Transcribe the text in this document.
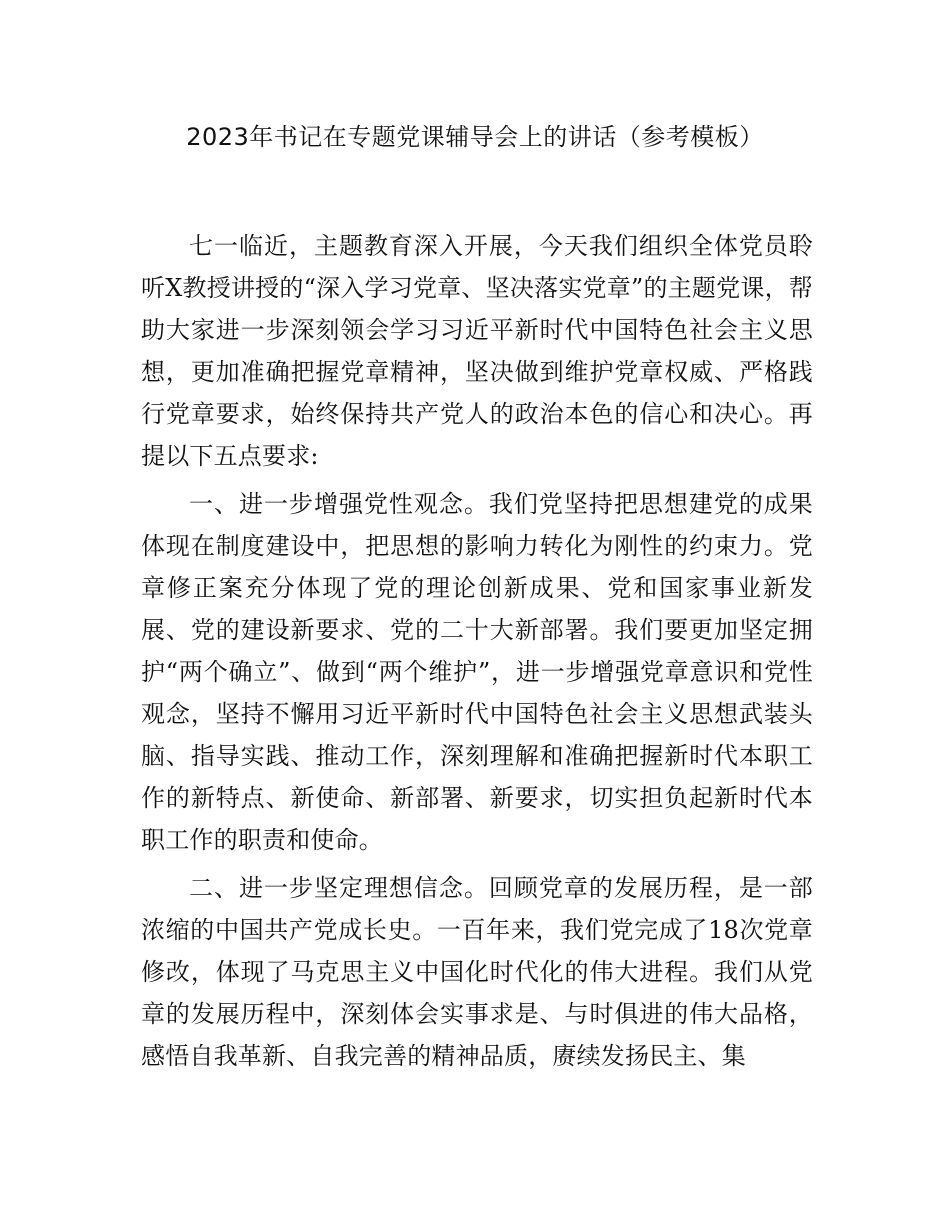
2023年书记在专题党课辅导会上的讲话（参考模板）

七一临近，主题教育深入开展，今天我们组织全体党员聆听X教授讲授的“深入学习党章、坚决落实党章”的主题党课，帮助大家进一步深刻领会学习习近平新时代中国特色社会主义思想，更加准确把握党章精神，坚决做到维护党章权威、严格践行党章要求，始终保持共产党人的政治本色的信心和决心。再提以下五点要求:

一、进一步增强党性观念。我们党坚持把思想建党的成果体现在制度建设中，把思想的影响力转化为刚性的约束力。党章修正案充分体现了党的理论创新成果、党和国家事业新发展、党的建设新要求、党的二十大新部署。我们要更加坚定拥护“两个确立”、做到“两个维护”，进一步增强党章意识和党性观念，坚持不懈用习近平新时代中国特色社会主义思想武装头脑、指导实践、推动工作，深刻理解和准确把握新时代本职工作的新特点、新使命、新部署、新要求，切实担负起新时代本职工作的职责和使命。

二、进一步坚定理想信念。回顾党章的发展历程，是一部浓缩的中国共产党成长史。一百年来，我们党完成了18次党章修改，体现了马克思主义中国化时代化的伟大进程。我们从党章的发展历程中，深刻体会实事求是、与时俱进的伟大品格，感悟自我革新、自我完善的精神品质，赓续发扬民主、集
